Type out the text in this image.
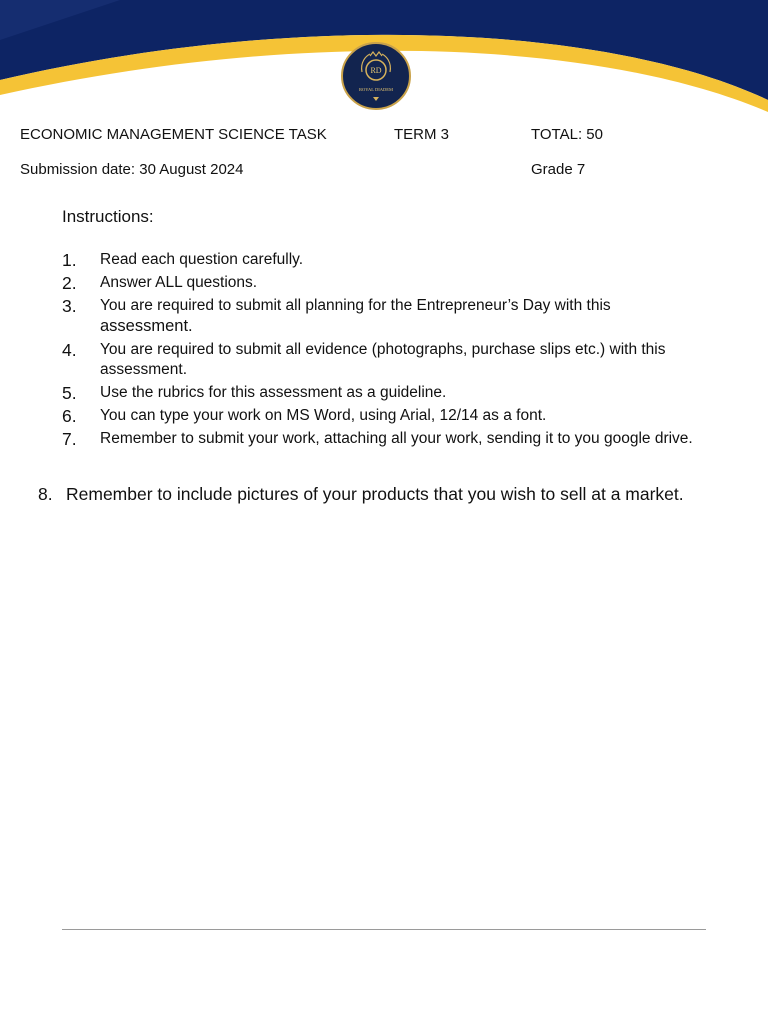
RD
ROYAL DIADEM
ECONOMIC MANAGEMENT SCIENCE TASK	TERM 3	TOTAL: 50
Submission date: 30 August 2024	Grade 7
Instructions:
1. Read each question carefully.
2. Answer ALL questions.
3. You are required to submit all planning for the Entrepreneur’s Day with this
assessment.
4. You are required to submit all evidence (photographs, purchase slips etc.) with this assessment.
5. Use the rubrics for this assessment as a guideline.
6. You can type your work on MS Word, using Arial, 12/14 as a font.
7. Remember to submit your work, attaching all your work, sending it to you google drive.
8. Remember to include pictures of your products that you wish to sell at a market.
